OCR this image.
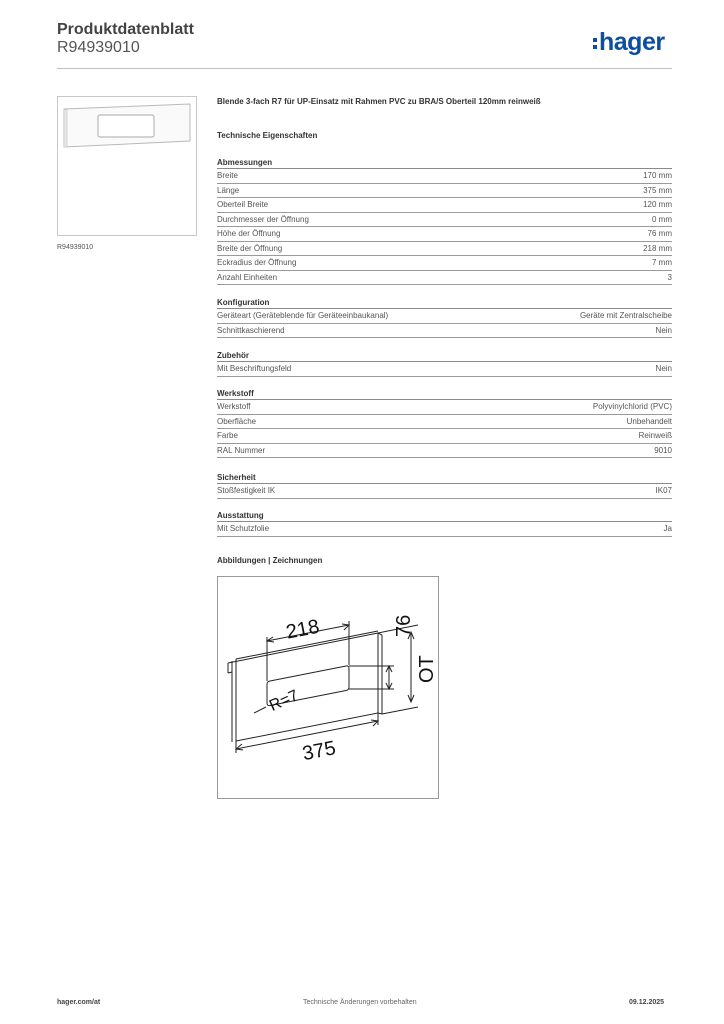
Produktdatenblatt
R94939010	hager
R94939010
Blende 3-fach R7 für UP-Einsatz mit Rahmen PVC zu BRA/S Oberteil 120mm reinweiß
Technische Eigenschaften
Abmessungen
Breite	170 mm
Länge	375 mm
Oberteil Breite	120 mm
Durchmesser der Öffnung	0 mm
Höhe der Öffnung	76 mm
Breite der Öffnung	218 mm
Eckradius der Öffnung	7 mm
Anzahl Einheiten	3
Konfiguration
Geräteart (Geräteblende für Geräteeinbaukanal)	Geräte mit Zentralscheibe
Schnittkaschierend	Nein
Zubehör
Mit Beschriftungsfeld	Nein
Werkstoff
Werkstoff	Polyvinylchlorid (PVC)
Oberfläche	Unbehandelt
Farbe	Reinweiß
RAL Nummer	9010
Sicherheit
Stoßfestigkeit IK	IK07
Ausstattung
Mit Schutzfolie	Ja
Abbildungen | Zeichnungen
218	76
OT
R=7
375
hager.com/at	Technische Änderungen vorbehalten	09.12.2025
